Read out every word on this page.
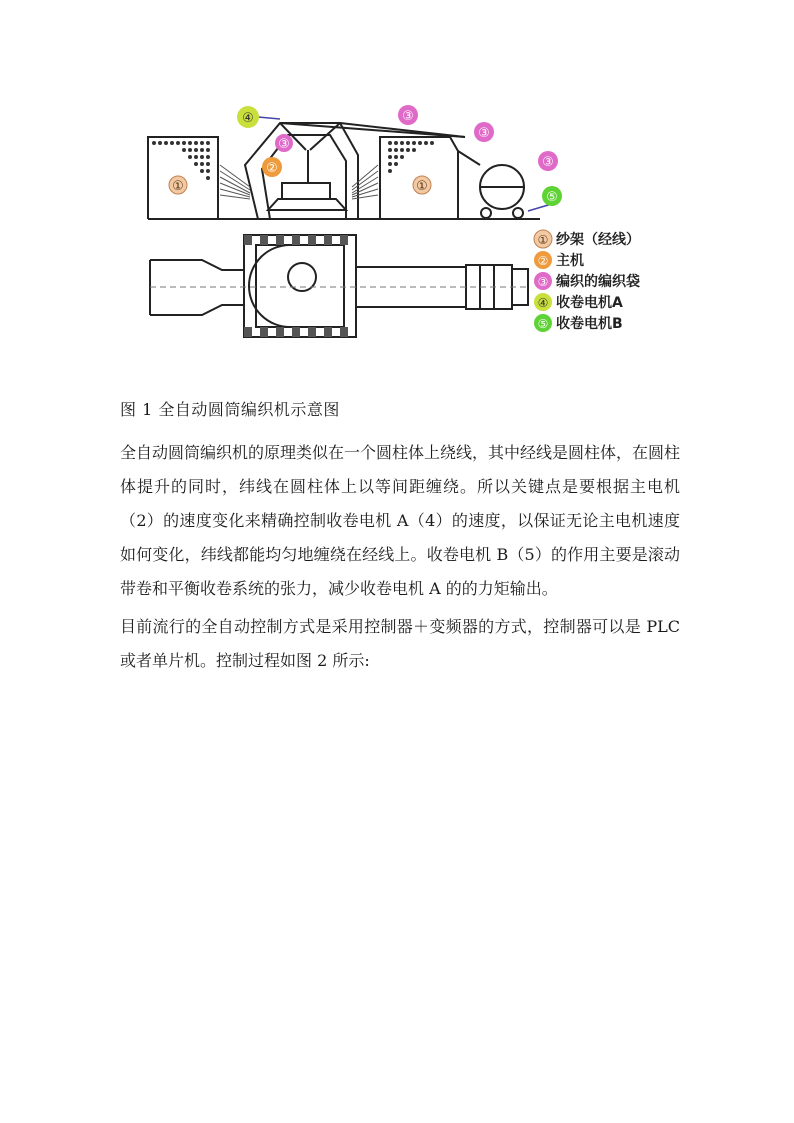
①	①
②
③
③
③
③
④
⑤
① 纱架（经线）
② 主机
③ 编织的编织袋
④ 收卷电机A
⑤ 收卷电机B
图 1 全自动圆筒编织机示意图

全自动圆筒编织机的原理类似在一个圆柱体上绕线，其中经线是圆柱体，在圆柱体提升的同时，纬线在圆柱体上以等间距缠绕。所以关键点是要根据主电机（2）的速度变化来精确控制收卷电机 A（4）的速度，以保证无论主电机速度如何变化，纬线都能均匀地缠绕在经线上。收卷电机 B（5）的作用主要是滚动带卷和平衡收卷系统的张力，减少收卷电机 A 的的力矩输出。

目前流行的全自动控制方式是采用控制器＋变频器的方式，控制器可以是 PLC 或者单片机。控制过程如图 2 所示:
